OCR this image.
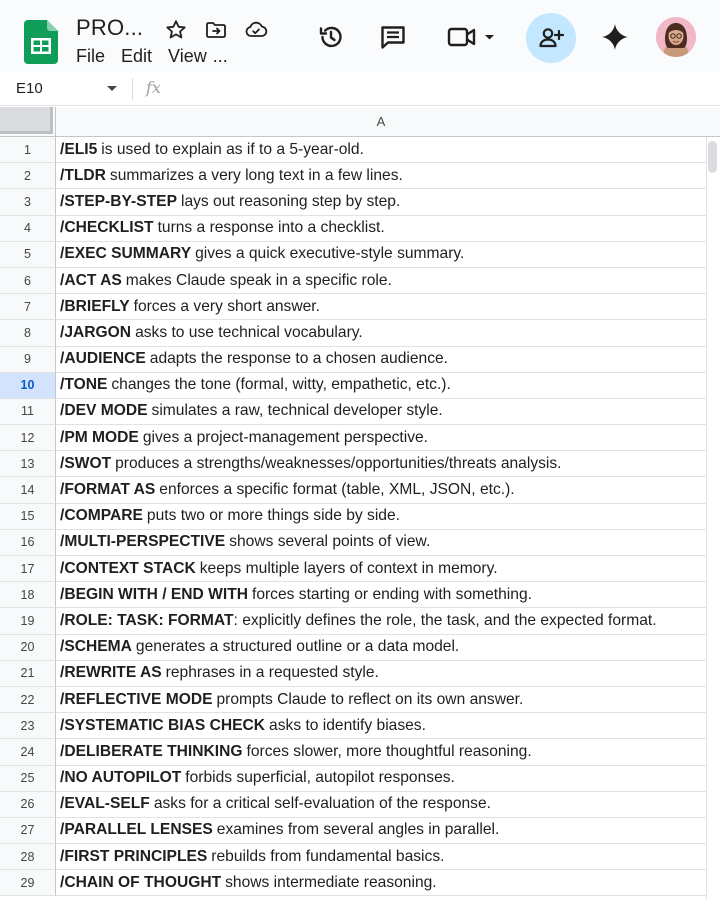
PRO...
File Edit View ...
E10	fx
A
1	/ELI5 is used to explain as if to a 5-year-old.
2	/TLDR summarizes a very long text in a few lines.
3	/STEP-BY-STEP lays out reasoning step by step.
4	/CHECKLIST turns a response into a checklist.
5	/EXEC SUMMARY gives a quick executive-style summary.
6	/ACT AS makes Claude speak in a specific role.
7	/BRIEFLY forces a very short answer.
8	/JARGON asks to use technical vocabulary.
9	/AUDIENCE adapts the response to a chosen audience.
10	/TONE changes the tone (formal, witty, empathetic, etc.).
11	/DEV MODE simulates a raw, technical developer style.
12	/PM MODE gives a project-management perspective.
13	/SWOT produces a strengths/weaknesses/opportunities/threats analysis.
14	/FORMAT AS enforces a specific format (table, XML, JSON, etc.).
15	/COMPARE puts two or more things side by side.
16	/MULTI-PERSPECTIVE shows several points of view.
17	/CONTEXT STACK keeps multiple layers of context in memory.
18	/BEGIN WITH / END WITH forces starting or ending with something.
19	/ROLE: TASK: FORMAT : explicitly defines the role, the task, and the expected format.
20	/SCHEMA generates a structured outline or a data model.
21	/REWRITE AS rephrases in a requested style.
22	/REFLECTIVE MODE prompts Claude to reflect on its own answer.
23	/SYSTEMATIC BIAS CHECK asks to identify biases.
24	/DELIBERATE THINKING forces slower, more thoughtful reasoning.
25	/NO AUTOPILOT forbids superficial, autopilot responses.
26	/EVAL-SELF asks for a critical self-evaluation of the response.
27	/PARALLEL LENSES examines from several angles in parallel.
28	/FIRST PRINCIPLES rebuilds from fundamental basics.
29	/CHAIN OF THOUGHT shows intermediate reasoning.
